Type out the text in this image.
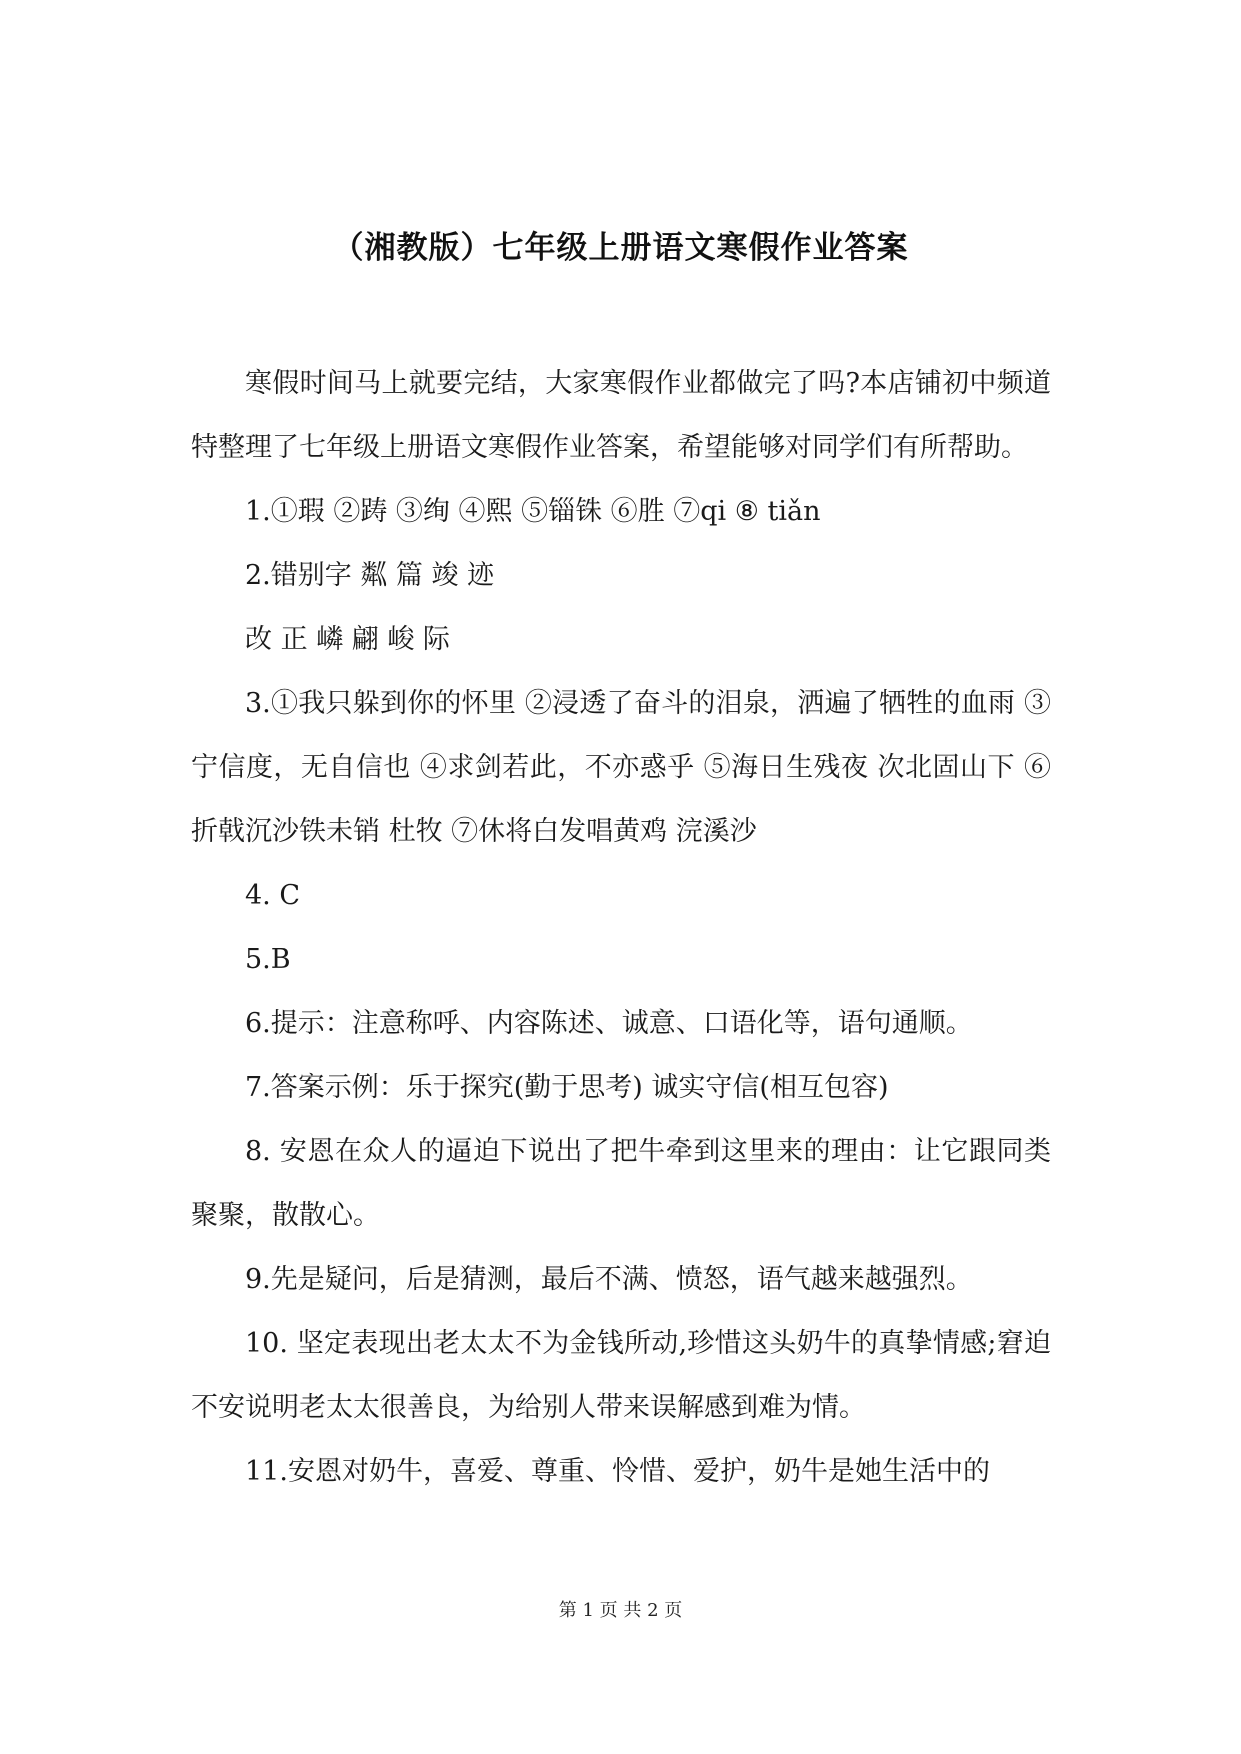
（湘教版）七年级上册语文寒假作业答案

寒假时间马上就要完结，大家寒假作业都做完了吗?本店铺初中频道特整理了七年级上册语文寒假作业答案，希望能够对同学们有所帮助。

1.①瑕 ②踌 ③绚 ④熙 ⑤锱铢 ⑥胜 ⑦qi ⑧ tiǎn

2.错别字 粼 篇 竣 迹

改 正 嶙 翩 峻 际

3.①我只躲到你的怀里 ②浸透了奋斗的泪泉，洒遍了牺牲的血雨 ③宁信度，无自信也 ④求剑若此，不亦惑乎 ⑤海日生残夜 次北固山下 ⑥折戟沉沙铁未销 杜牧 ⑦休将白发唱黄鸡 浣溪沙

4. C

5.B

6.提示：注意称呼、内容陈述、诚意、口语化等，语句通顺。

7.答案示例：乐于探究(勤于思考) 诚实守信(相互包容)

8. 安恩在众人的逼迫下说出了把牛牵到这里来的理由：让它跟同类聚聚，散散心。

9.先是疑问，后是猜测，最后不满、愤怒，语气越来越强烈。

10. 坚定表现出老太太不为金钱所动,珍惜这头奶牛的真挚情感;窘迫不安说明老太太很善良，为给别人带来误解感到难为情。

11.安恩对奶牛，喜爱、尊重、怜惜、爱护，奶牛是她生活中的

第 1 页 共 2 页
